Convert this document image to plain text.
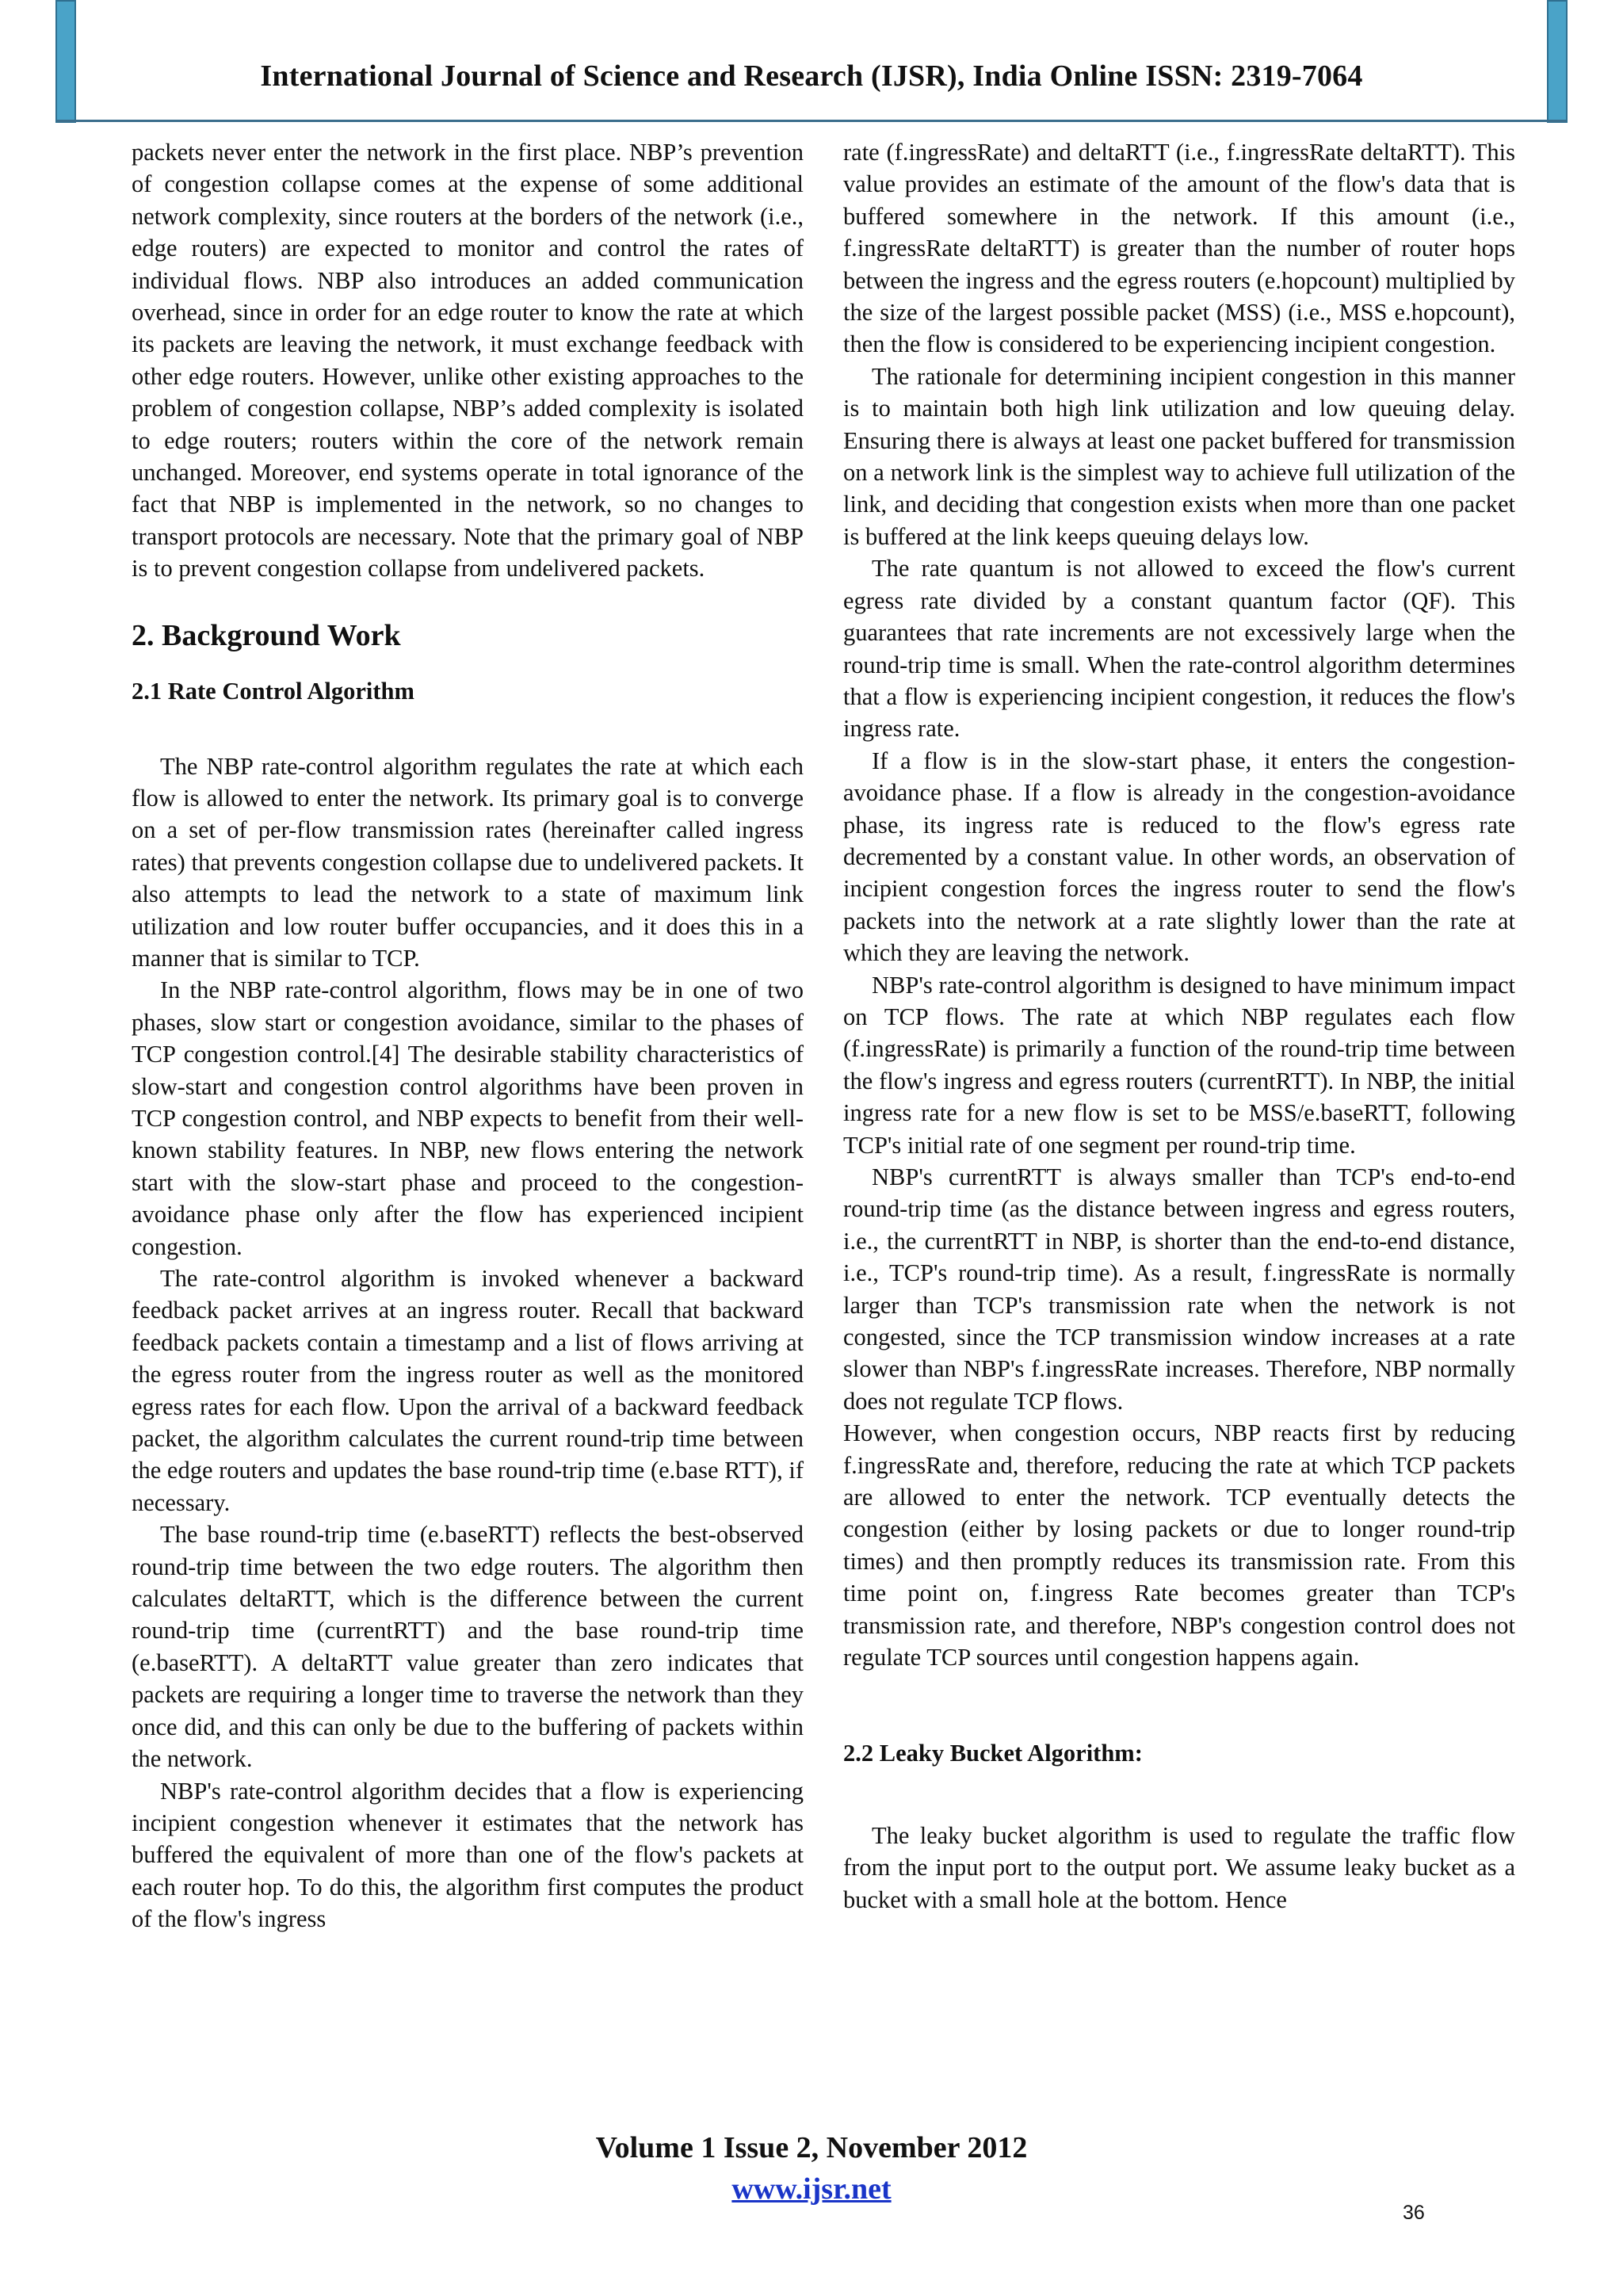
International Journal of Science and Research (IJSR), India Online ISSN: 2319-7064

packets never enter the network in the first place. NBP’s prevention of congestion collapse comes at the expense of some additional network complexity, since routers at the borders of the network (i.e., edge routers) are expected to monitor and control the rates of individual flows. NBP also introduces an added communication overhead, since in order for an edge router to know the rate at which its packets are leaving the network, it must exchange feedback with other edge routers. However, unlike other existing approaches to the problem of congestion collapse, NBP’s added complexity is isolated to edge routers; routers within the core of the network remain unchanged. Moreover, end systems operate in total ignorance of the fact that NBP is implemented in the network, so no changes to transport protocols are necessary. Note that the primary goal of NBP is to prevent congestion collapse from undelivered packets.

2. Background Work

2.1 Rate Control Algorithm

The NBP rate-control algorithm regulates the rate at which each flow is allowed to enter the network. Its primary goal is to converge on a set of per-flow transmission rates (hereinafter called ingress rates) that prevents congestion collapse due to undelivered packets. It also attempts to lead the network to a state of maximum link utilization and low router buffer occupancies, and it does this in a manner that is similar to TCP.

In the NBP rate-control algorithm, flows may be in one of two phases, slow start or congestion avoidance, similar to the phases of TCP congestion control.[4] The desirable stability characteristics of slow-start and congestion control algorithms have been proven in TCP congestion control, and NBP expects to benefit from their well-known stability features. In NBP, new flows entering the network start with the slow-start phase and proceed to the congestion-avoidance phase only after the flow has experienced incipient congestion.

The rate-control algorithm is invoked whenever a backward feedback packet arrives at an ingress router. Recall that backward feedback packets contain a timestamp and a list of flows arriving at the egress router from the ingress router as well as the monitored egress rates for each flow. Upon the arrival of a backward feedback packet, the algorithm calculates the current round-trip time between the edge routers and updates the base round-trip time (e.base RTT), if necessary.

The base round-trip time (e.baseRTT) reflects the best-observed round-trip time between the two edge routers. The algorithm then calculates deltaRTT, which is the difference between the current round-trip time (currentRTT) and the base round-trip time (e.baseRTT). A deltaRTT value greater than zero indicates that packets are requiring a longer time to traverse the network than they once did, and this can only be due to the buffering of packets within the network.

NBP's rate-control algorithm decides that a flow is experiencing incipient congestion whenever it estimates that the network has buffered the equivalent of more than one of the flow's packets at each router hop. To do this, the algorithm first computes the product of the flow's ingress

rate (f.ingressRate) and deltaRTT (i.e., f.ingressRate deltaRTT). This value provides an estimate of the amount of the flow's data that is buffered somewhere in the network. If this amount (i.e., f.ingressRate deltaRTT) is greater than the number of router hops between the ingress and the egress routers (e.hopcount) multiplied by the size of the largest possible packet (MSS) (i.e., MSS e.hopcount), then the flow is considered to be experiencing incipient congestion.

The rationale for determining incipient congestion in this manner is to maintain both high link utilization and low queuing delay. Ensuring there is always at least one packet buffered for transmission on a network link is the simplest way to achieve full utilization of the link, and deciding that congestion exists when more than one packet is buffered at the link keeps queuing delays low.

The rate quantum is not allowed to exceed the flow's current egress rate divided by a constant quantum factor (QF). This guarantees that rate increments are not excessively large when the round-trip time is small. When the rate-control algorithm determines that a flow is experiencing incipient congestion, it reduces the flow's ingress rate.

If a flow is in the slow-start phase, it enters the congestion-avoidance phase. If a flow is already in the congestion-avoidance phase, its ingress rate is reduced to the flow's egress rate decremented by a constant value. In other words, an observation of incipient congestion forces the ingress router to send the flow's packets into the network at a rate slightly lower than the rate at which they are leaving the network.

NBP's rate-control algorithm is designed to have minimum impact on TCP flows. The rate at which NBP regulates each flow (f.ingressRate) is primarily a function of the round-trip time between the flow's ingress and egress routers (currentRTT). In NBP, the initial ingress rate for a new flow is set to be MSS/e.baseRTT, following TCP's initial rate of one segment per round-trip time.

NBP's currentRTT is always smaller than TCP's end-to-end round-trip time (as the distance between ingress and egress routers, i.e., the currentRTT in NBP, is shorter than the end-to-end distance, i.e., TCP's round-trip time). As a result, f.ingressRate is normally larger than TCP's transmission rate when the network is not congested, since the TCP transmission window increases at a rate slower than NBP's f.ingressRate increases. Therefore, NBP normally does not regulate TCP flows.

However, when congestion occurs, NBP reacts first by reducing f.ingressRate and, therefore, reducing the rate at which TCP packets are allowed to enter the network. TCP eventually detects the congestion (either by losing packets or due to longer round-trip times) and then promptly reduces its transmission rate. From this time point on, f.ingress Rate becomes greater than TCP's transmission rate, and therefore, NBP's congestion control does not regulate TCP sources until congestion happens again.

2.2 Leaky Bucket Algorithm:

The leaky bucket algorithm is used to regulate the traffic flow from the input port to the output port. We assume leaky bucket as a bucket with a small hole at the bottom. Hence

Volume 1 Issue 2, November 2012
www.ijsr.net
36
